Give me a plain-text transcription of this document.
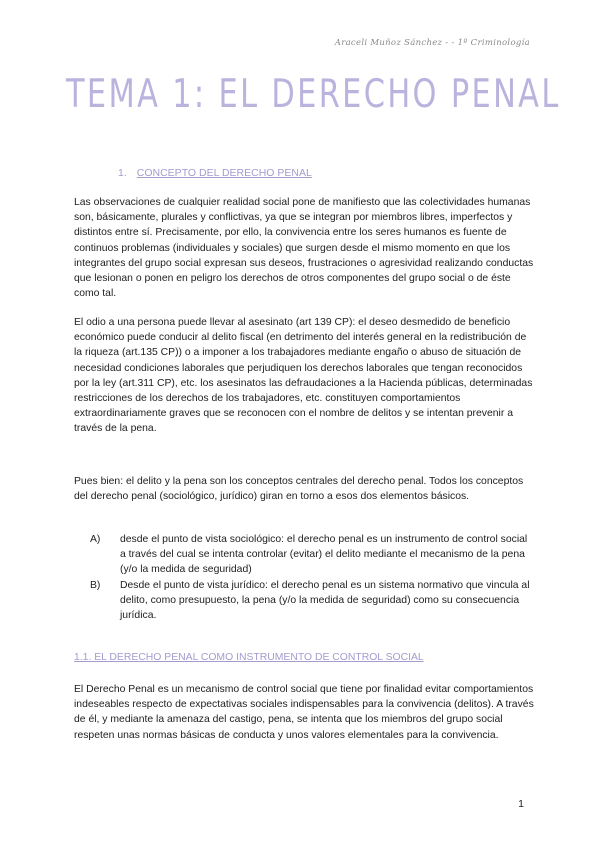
Araceli Muñoz Sánchez - - 1º Criminología
TEMA 1: EL DERECHO PENAL
1. CONCEPTO DEL DERECHO PENAL

Las observaciones de cualquier realidad social pone de manifiesto que las colectividades humanas son, básicamente, plurales y conflictivas, ya que se integran por miembros libres, imperfectos y distintos entre sí. Precisamente, por ello, la convivencia entre los seres humanos es fuente de continuos problemas (individuales y sociales) que surgen desde el mismo momento en que los integrantes del grupo social expresan sus deseos, frustraciones o agresividad realizando conductas que lesionan o ponen en peligro los derechos de otros componentes del grupo social o de éste como tal.

El odio a una persona puede llevar al asesinato (art 139 CP): el deseo desmedido de beneficio económico puede conducir al delito fiscal (en detrimento del interés general en la redistribución de la riqueza (art.135 CP)) o a imponer a los trabajadores mediante engaño o abuso de situación de necesidad condiciones laborales que perjudiquen los derechos laborales que tengan reconocidos por la ley (art.311 CP), etc. los asesinatos las defraudaciones a la Hacienda públicas, determinadas restricciones de los derechos de los trabajadores, etc. constituyen comportamientos extraordinariamente graves que se reconocen con el nombre de delitos y se intentan prevenir a través de la pena.

Pues bien: el delito y la pena son los conceptos centrales del derecho penal. Todos los conceptos del derecho penal (sociológico, jurídico) giran en torno a esos dos elementos básicos.

A) desde el punto de vista sociológico: el derecho penal es un instrumento de control social a través del cual se intenta controlar (evitar) el delito mediante el mecanismo de la pena (y/o la medida de seguridad)
B) Desde el punto de vista jurídico: el derecho penal es un sistema normativo que vincula al delito, como presupuesto, la pena (y/o la medida de seguridad) como su consecuencia jurídica.
1.1. EL DERECHO PENAL COMO INSTRUMENTO DE CONTROL SOCIAL

El Derecho Penal es un mecanismo de control social que tiene por finalidad evitar comportamientos indeseables respecto de expectativas sociales indispensables para la convivencia (delitos). A través de él, y mediante la amenaza del castigo, pena, se intenta que los miembros del grupo social respeten unas normas básicas de conducta y unos valores elementales para la convivencia.

1
